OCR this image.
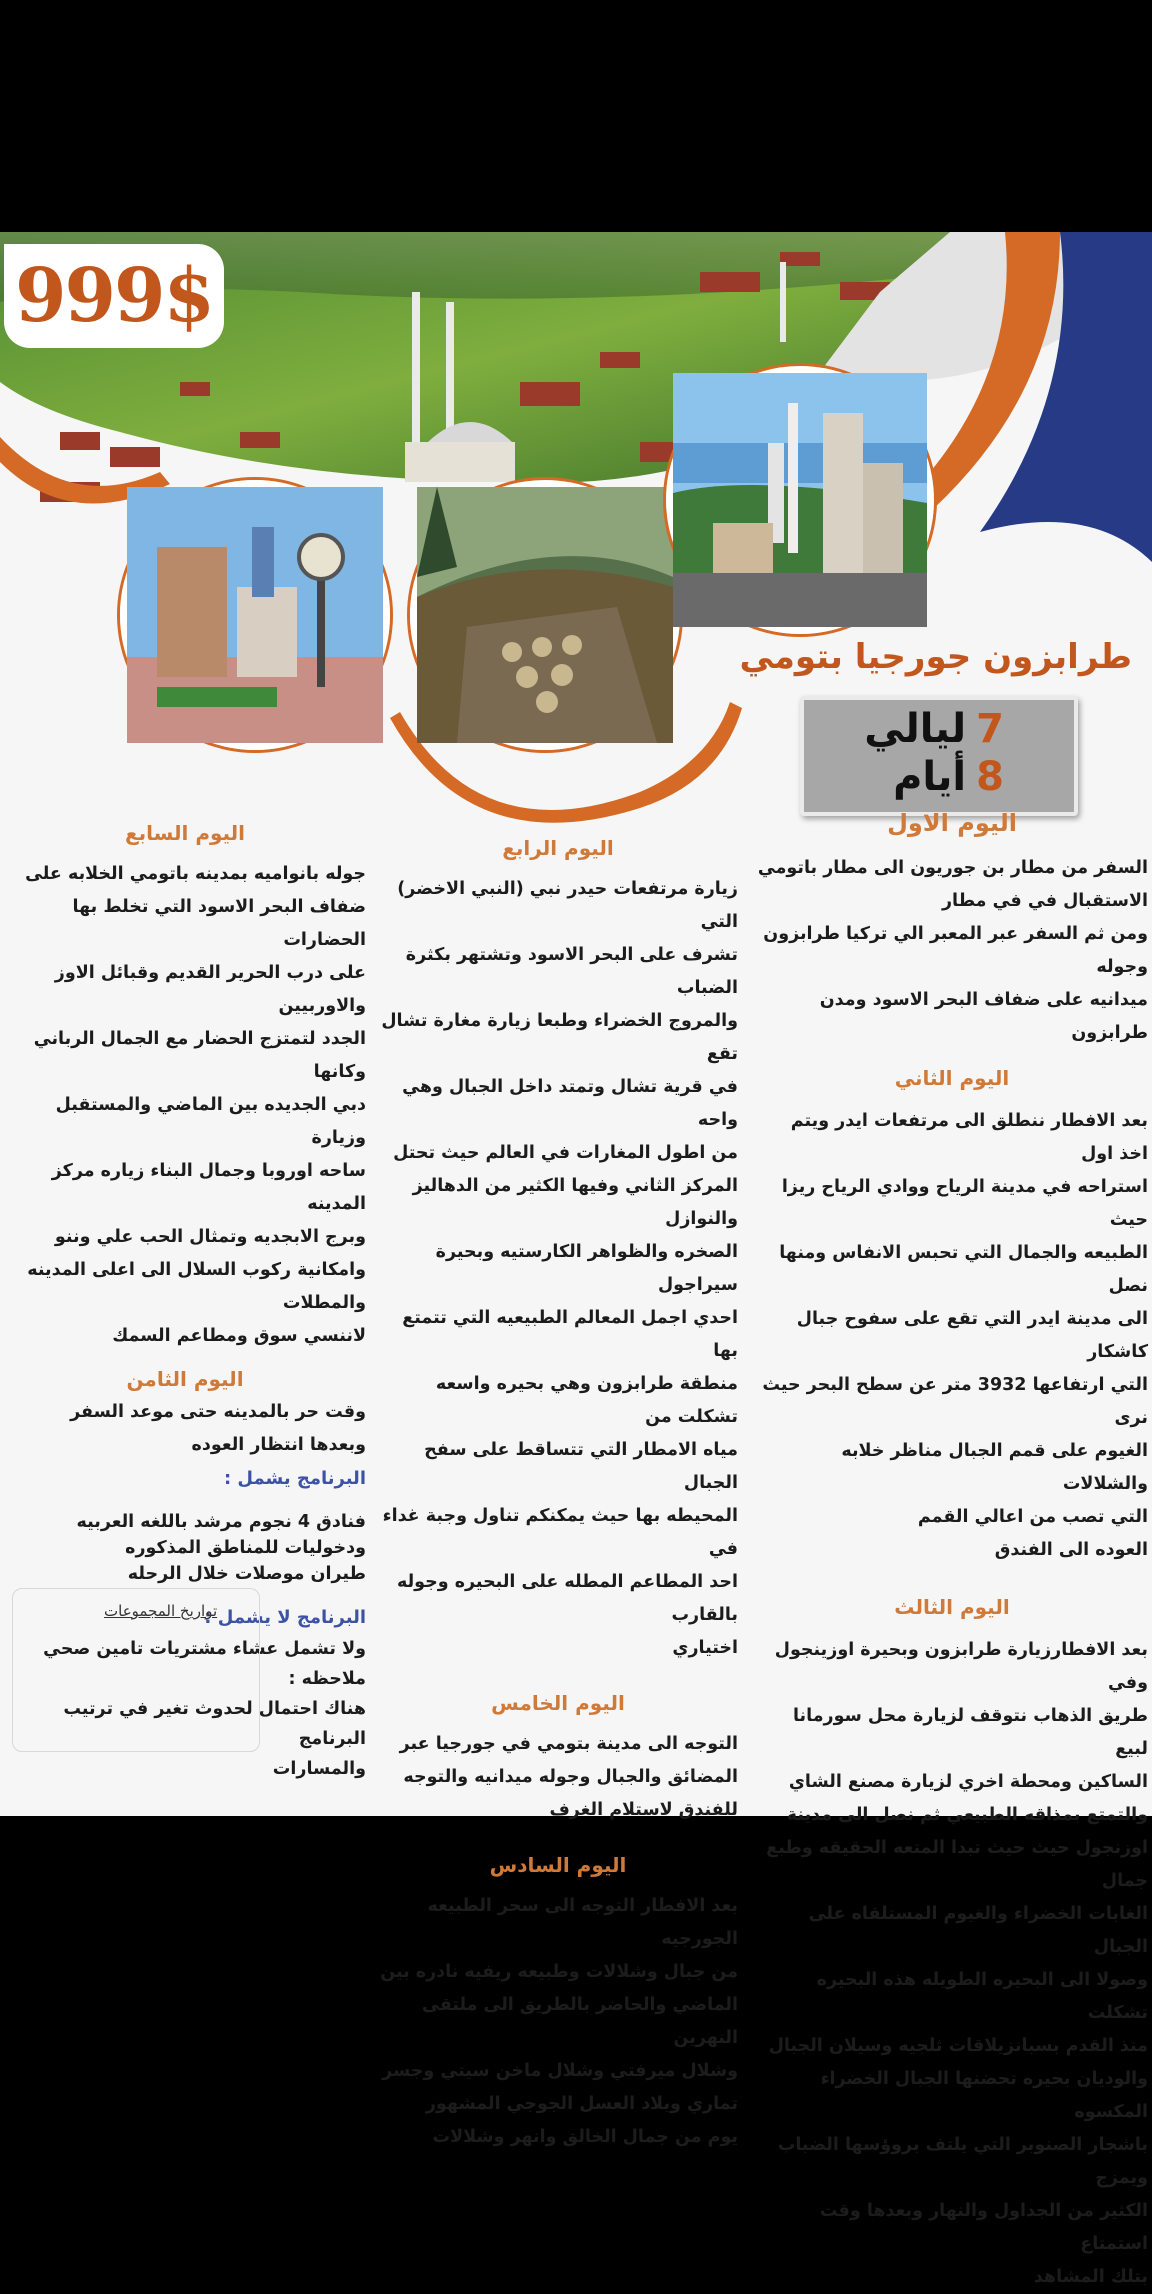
999$
طرابزون جورجيا بتومي
7ليالي
8أيام
اليوم الاول

السفر من مطار بن جوريون الى مطار باتومي
الاستقبال في في مطار
ومن ثم السفر عبر المعبر الي تركيا طرابزون وجوله
ميدانيه على ضفاف البحر الاسود ومدن طرابزون

اليوم الثاني

بعد الافطار ننطلق الى مرتفعات ايدر ويتم اخذ اول
استراحه في مدينة الرياح ووادي الرياح ريزا حيث
الطبيعه والجمال التي تحبس الانفاس ومنها نصل
الى مدينة ايدر التي تقع على سفوح جبال كاشكار
التي ارتفاعها 3932 متر عن سطح البحر حيث نرى
الغيوم على قمم الجبال مناظر خلابه والشلالات
التي تصب من اعالي القمم
العوده الى الفندق

اليوم الثالث

بعد الافطارزيارة طرابزون وبحيرة اوزينجول وفي
طريق الذهاب نتوقف لزيارة محل سورمانا لبيع
الساكين ومحطة اخري لزيارة مصنع الشاي
والتمتع بمذاقه الطبيعي ثم نصل الى مدينة
اوزنجول حيث حيث تبدا المتعه الحقيقه وطبع جمال
الغابات الخضراء والغيوم المستلقاه على الجبال
وصولا الى البحيره الطويله هذه البحيره تشكلت
منذ القدم بسبانزيلاقات ثلجيه وسيلان الجبال
والوديان بحيره تحضنها الجبال الخضراء المكسوه
باشجار الصنوبر التي يلتف بروؤسها الضباب ويمزج
الكثير من الجداول والنهار وبعدها وقت استمتاع
بتلك المشاهد

اليوم الرابع

زيارة مرتفعات حيدر نبي (النبي الاخضر) التي
تشرف على البحر الاسود وتشتهر بكثرة الضباب
والمروج الخضراء وطبعا زيارة مغارة تشال تقع
في قرية تشال وتمتد داخل الجبال وهي واحه
من اطول المغارات في العالم حيث تحتل
المركز الثاني وفيها الكثير من الدهاليز والنوازل
الصخره والظواهر الكارستيه وبحيرة سيراجول
احدي اجمل المعالم الطبيعيه التي تتمتع بها
منطقة طرابزون وهي بحيره واسعه تشكلت من
مياه الامطار التي تتساقط على سفح الجبال
المحيطه بها حيث يمكنكم تناول وجبة غداء في
احد المطاعم المطله على البحيره وجوله بالقارب
اختياري

اليوم الخامس

التوجه الى مدينة بتومي في جورجيا عبر
المضائق والجبال وجوله ميدانيه والتوجه
للفندق لاستلام الغرف

اليوم السادس

بعد الافطار التوجه الى سحر الطبيعه الجورجيه
من جبال وشلالات وطبيعه ريفيه نادره بين
الماضي والحاضر بالطريق الى ملتقى النهرين
وشلال ميرفتي وشلال ماخن سيتي وجسر
تماري وبلاد العسل الجوجي المشهور
يوم من جمال الخالق وانهر وشلالات

اليوم السابع

جوله بانواميه بمدينه باتومي الخلابه على
ضفاف البحر الاسود التي تخلط بها الحضارات
على درب الحرير القديم وقبائل الاوز والاوربيين
الجدد لتمتزج الحضار مع الجمال الرباني وكانها
دبي الجديده بين الماضي والمستقبل وزيارة
ساحه اوروبا وجمال البناء زياره مركز المدينه
وبرج الابجديه وتمثال الحب علي وننو
وامكانية ركوب السلال الى اعلى المدينه
والمطلات
لاننسي سوق ومطاعم السمك

اليوم الثامن

وقت حر بالمدينه حتى موعد السفر
وبعدها انتظار العوده

البرنامج يشمل :

فنادق 4 نجوم مرشد باللغه العربيه
ودخوليات للمناطق المذكوره
طيران موصلات خلال الرحله

البرنامج لا يشمل :

ولا تشمل عشاء مشتريات تامين صحي

ملاحظه :

هناك احتمال لحدوث تغير في ترتيب البرنامج
والمسارات

تواريخ المجموعات
